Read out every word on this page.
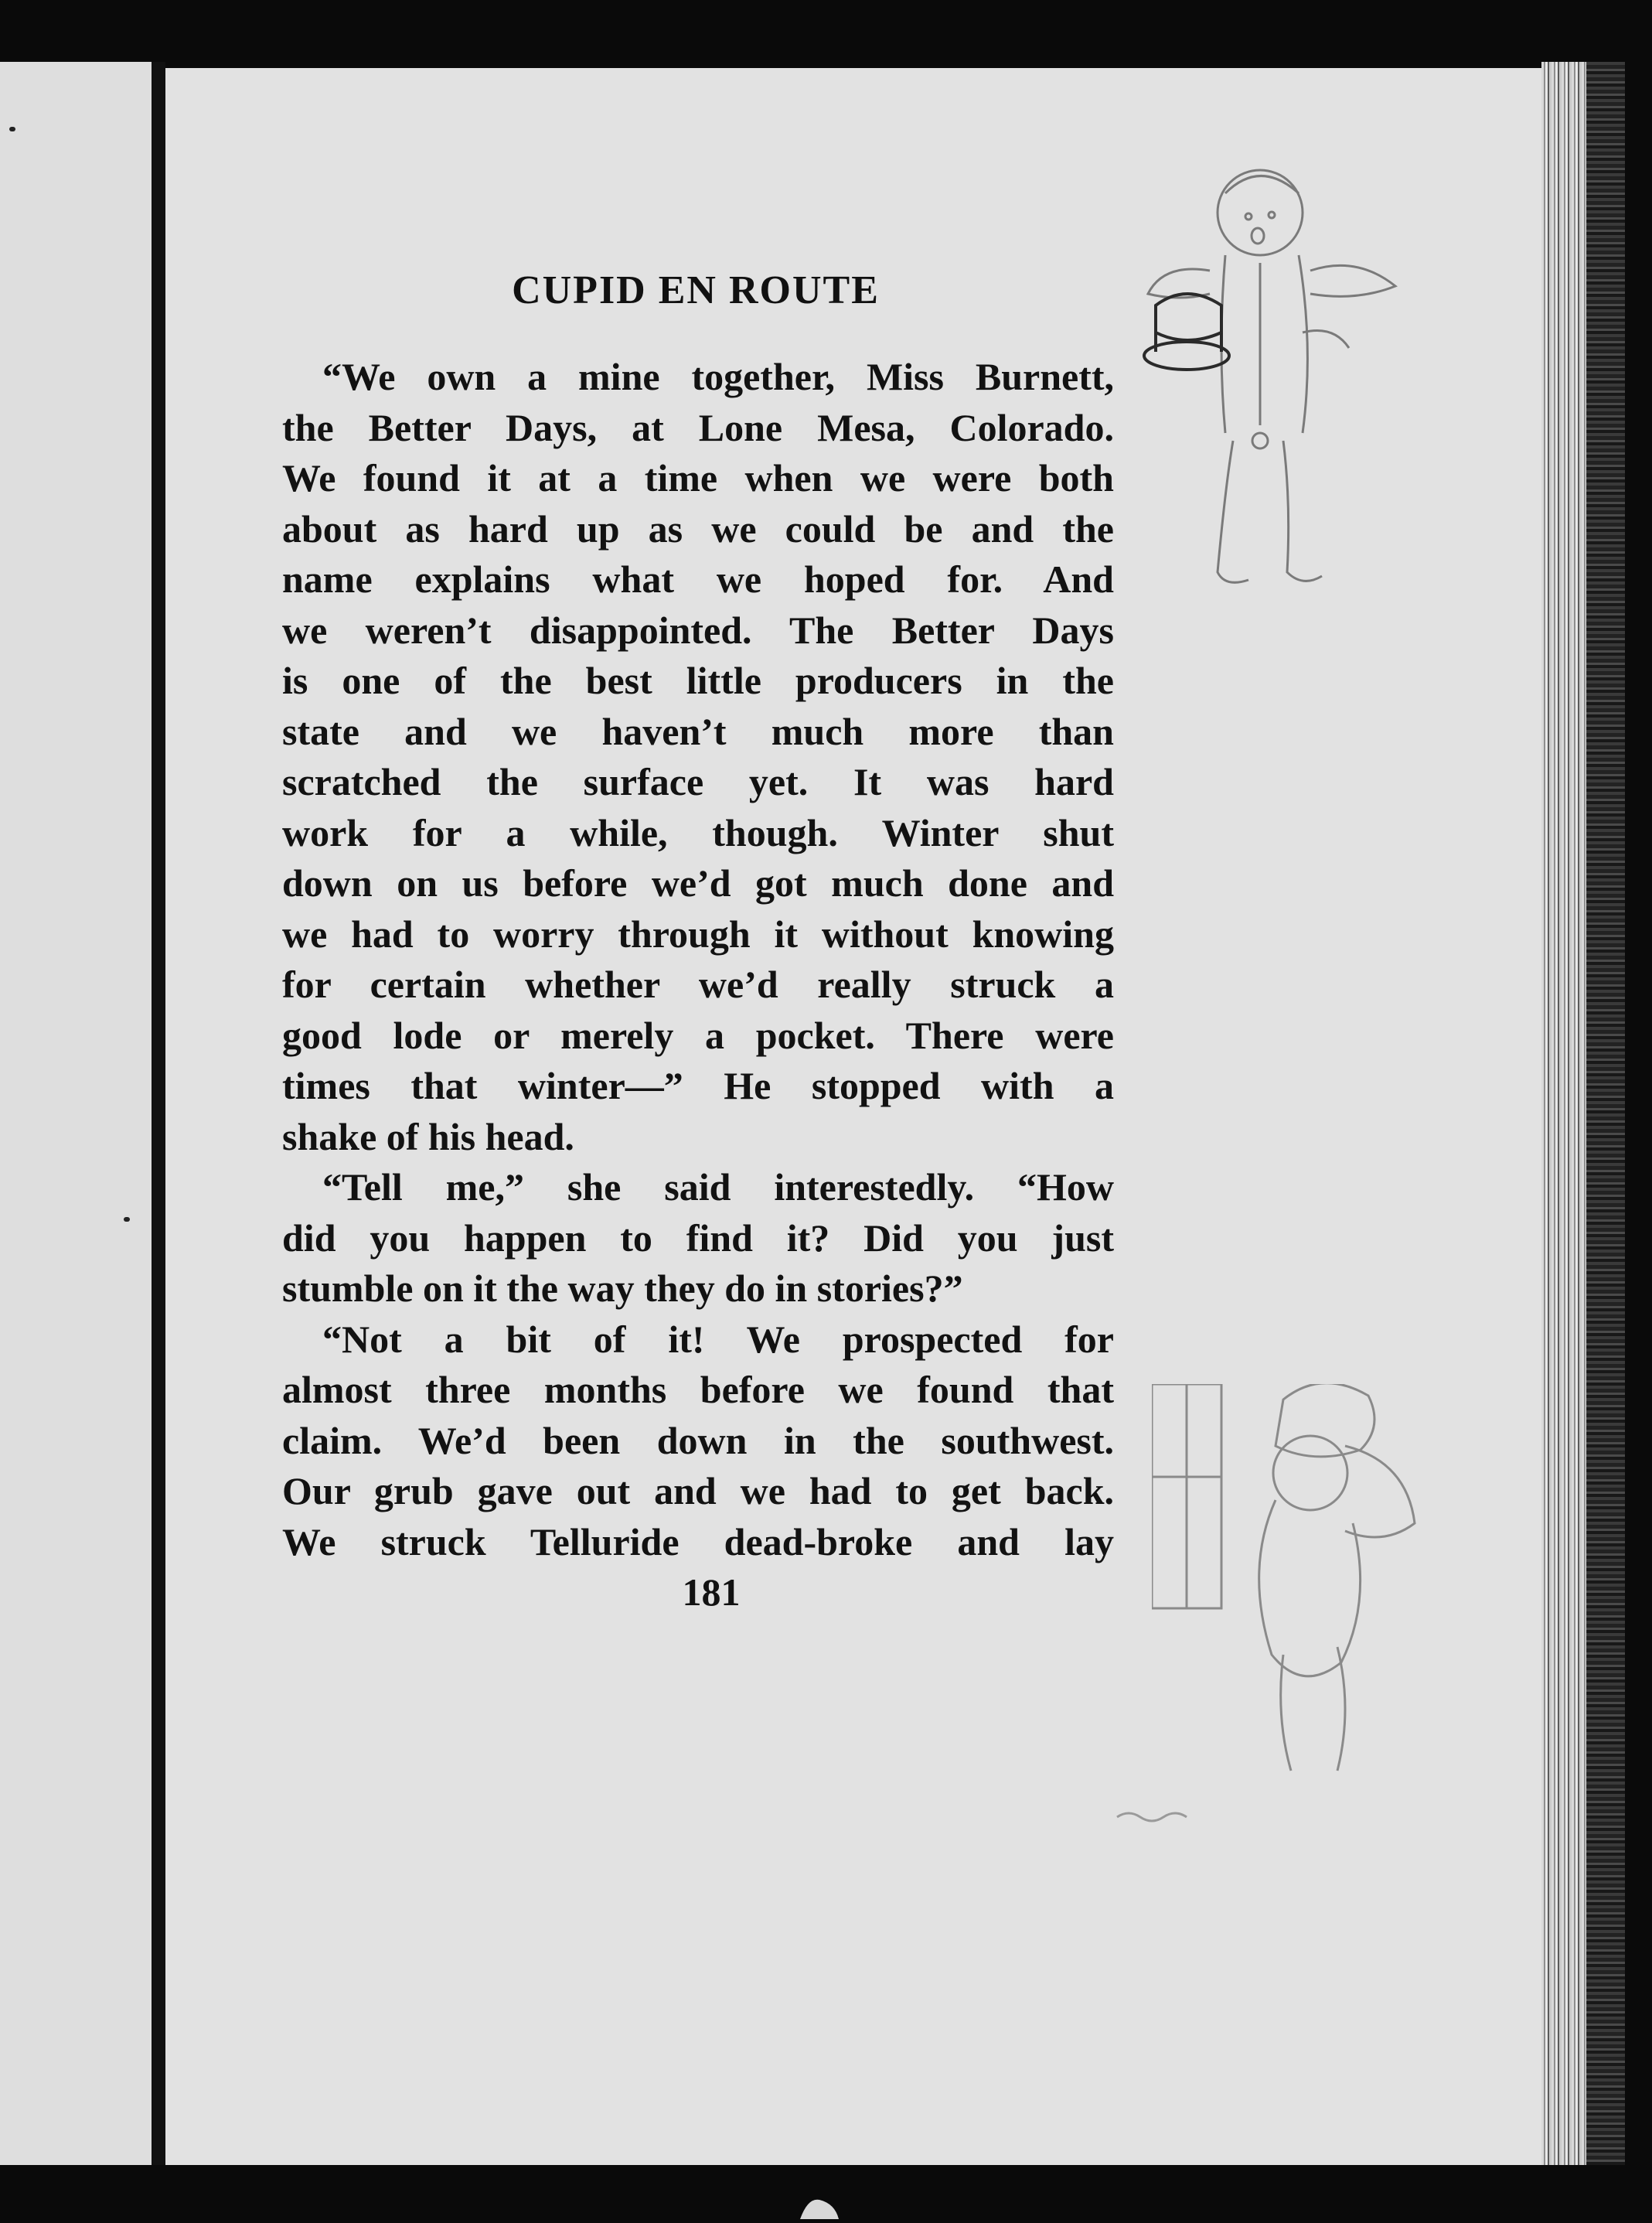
CUPID EN ROUTE
“We own a mine together, Miss Burnett,
the Better Days, at Lone Mesa, Colorado.
We found it at a time when we were both
about as hard up as we could be and the
name explains what we hoped for. And
we weren’t disappointed. The Better Days
is one of the best little producers in the
state and we haven’t much more than
scratched the surface yet. It was hard
work for a while, though. Winter shut
down on us before we’d got much done and
we had to worry through it without knowing
for certain whether we’d really struck a
good lode or merely a pocket. There were
times that winter—” He stopped with a
shake of his head.
“Tell me,” she said interestedly. “How
did you happen to find it? Did you just
stumble on it the way they do in stories?”
“Not a bit of it! We prospected for
almost three months before we found that
claim. We’d been down in the southwest.
Our grub gave out and we had to get back.
We struck Telluride dead-broke and lay
181
